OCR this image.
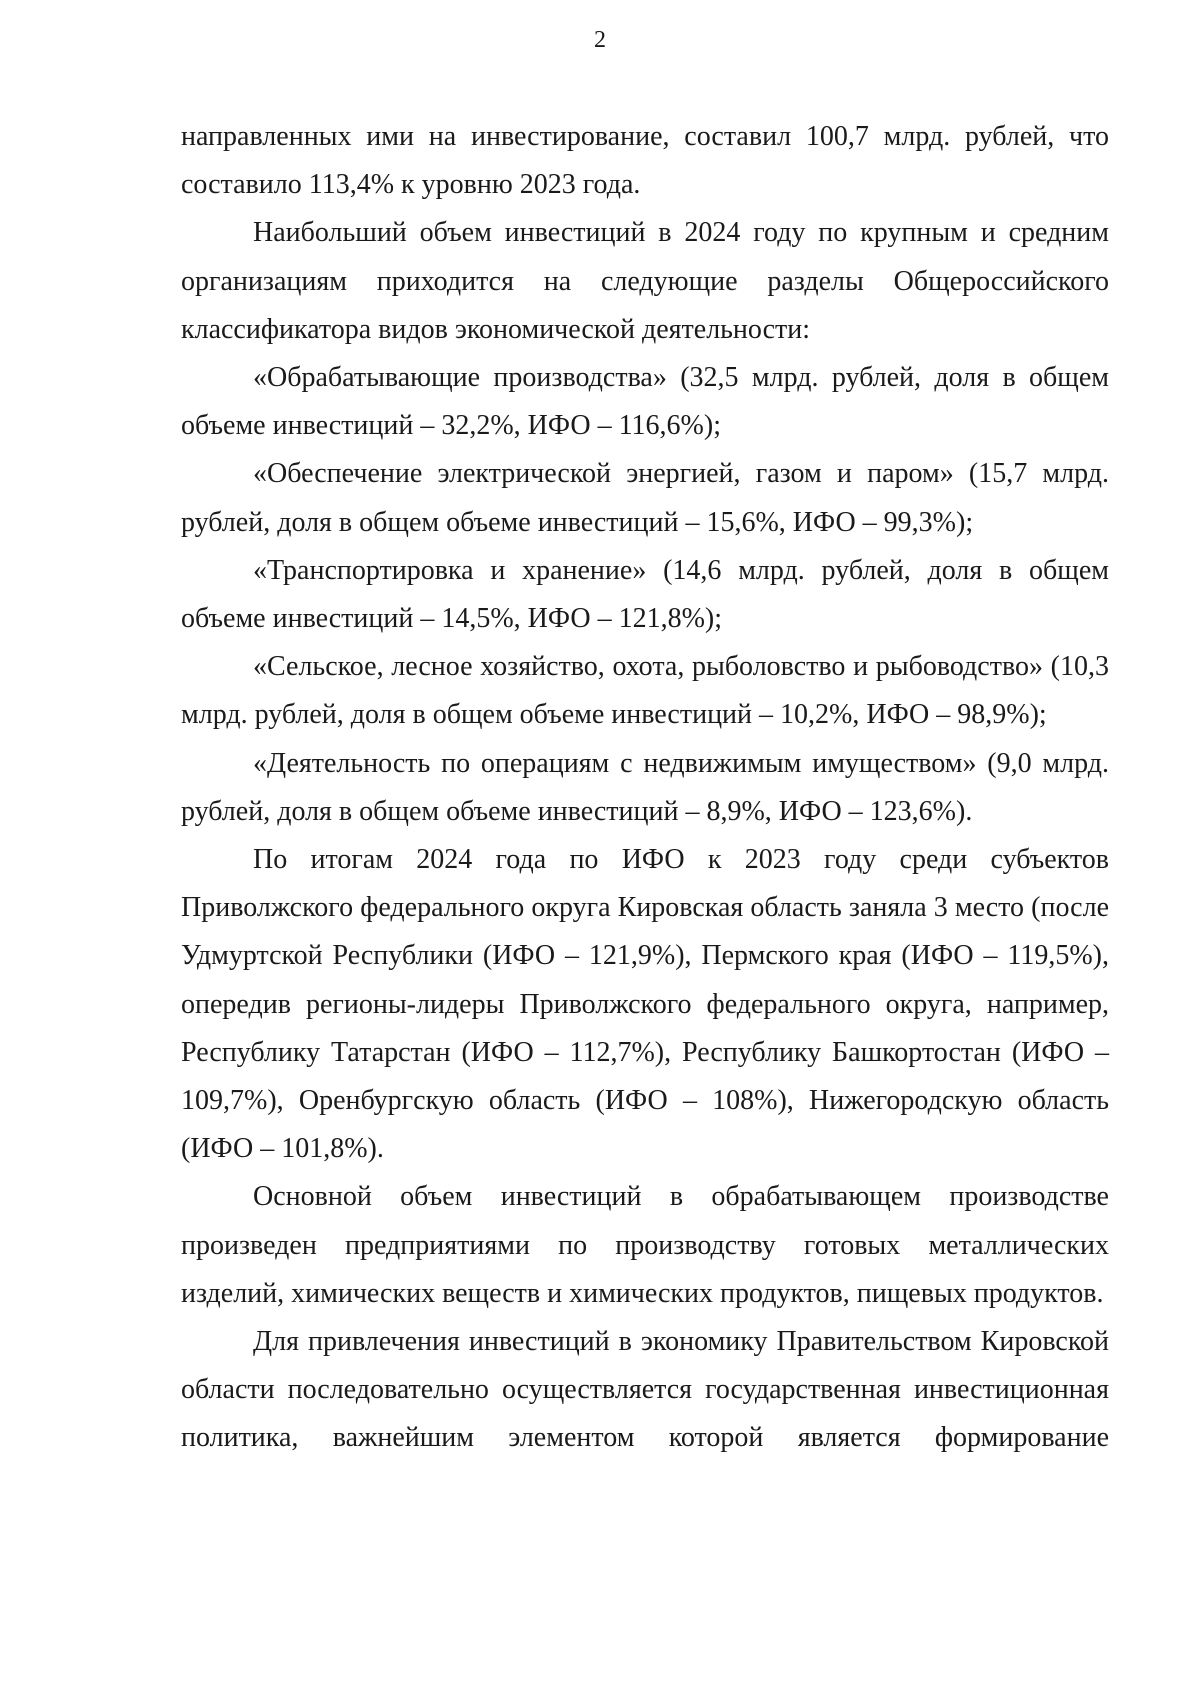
2

направленных ими на инвестирование, составил 100,7 млрд. рублей, что составило 113,4% к уровню 2023 года.

Наибольший объем инвестиций в 2024 году по крупным и средним организациям приходится на следующие разделы Общероссийского классификатора видов экономической деятельности:

«Обрабатывающие производства» (32,5 млрд. рублей, доля в общем объеме инвестиций – 32,2%, ИФО – 116,6%);

«Обеспечение электрической энергией, газом и паром» (15,7 млрд. рублей, доля в общем объеме инвестиций – 15,6%, ИФО – 99,3%);

«Транспортировка и хранение» (14,6 млрд. рублей, доля в общем объеме инвестиций – 14,5%, ИФО – 121,8%);

«Сельское, лесное хозяйство, охота, рыболовство и рыбоводство» (10,3 млрд. рублей, доля в общем объеме инвестиций – 10,2%, ИФО – 98,9%);

«Деятельность по операциям с недвижимым имуществом» (9,0 млрд. рублей, доля в общем объеме инвестиций – 8,9%, ИФО – 123,6%).

По итогам 2024 года по ИФО к 2023 году среди субъектов Приволжского федерального округа Кировская область заняла 3 место (после Удмуртской Республики (ИФО – 121,9%), Пермского края (ИФО – 119,5%), опередив регионы-лидеры Приволжского федерального округа, например, Республику Татарстан (ИФО – 112,7%), Республику Башкортостан (ИФО – 109,7%), Оренбургскую область (ИФО – 108%), Нижегородскую область (ИФО – 101,8%).

Основной объем инвестиций в обрабатывающем производстве произведен предприятиями по производству готовых металлических изделий, химических веществ и химических продуктов, пищевых продуктов.

Для привлечения инвестиций в экономику Правительством Кировской области последовательно осуществляется государственная инвестиционная политика, важнейшим элементом которой является формирование
